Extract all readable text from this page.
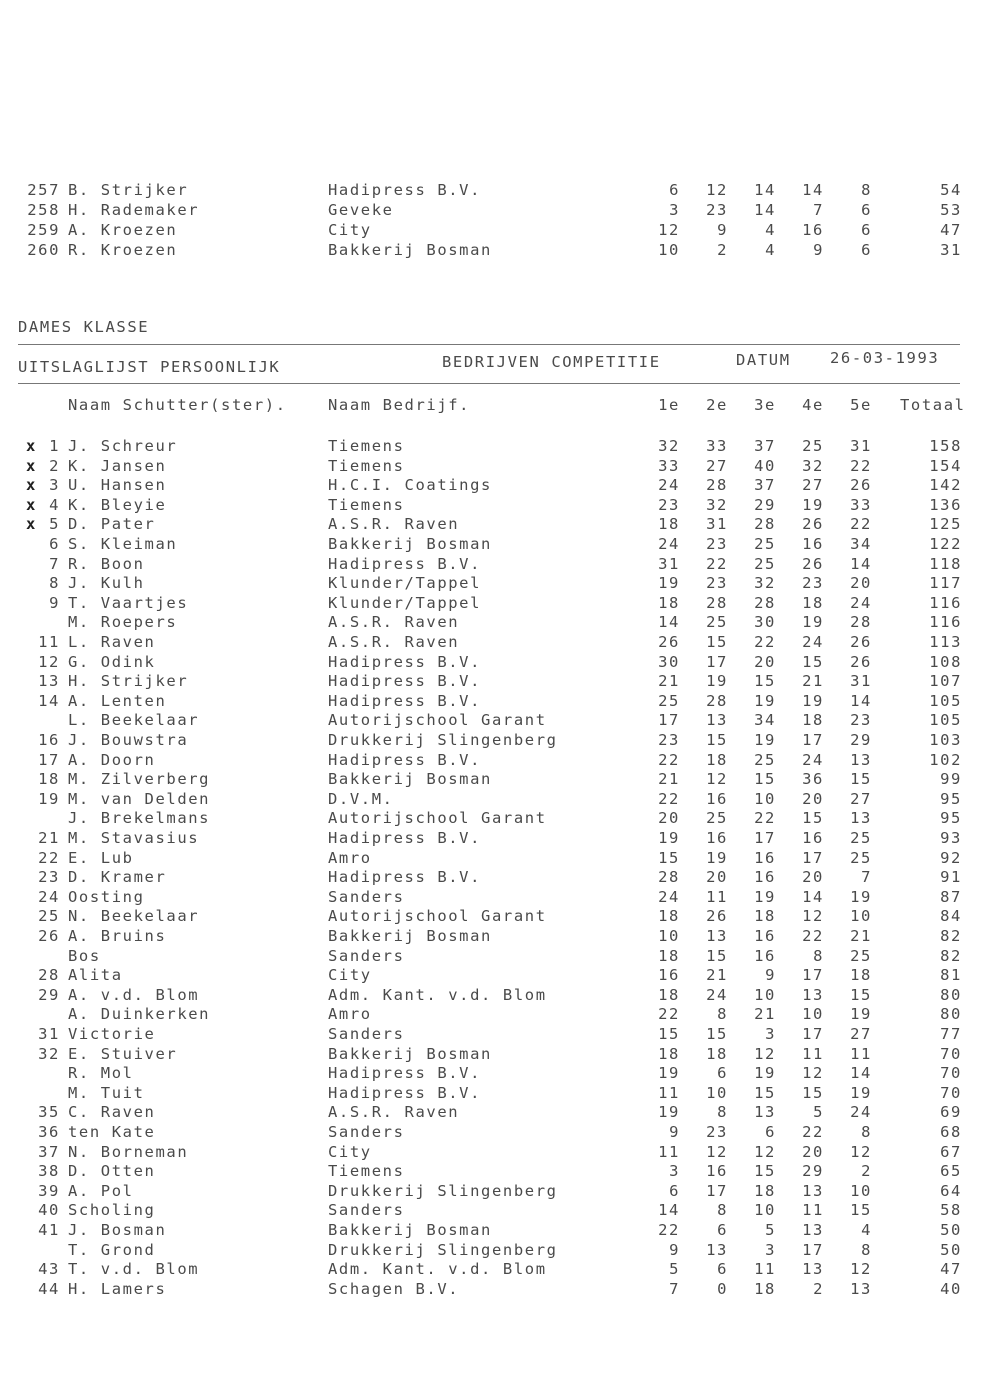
257 B. Strijker	Hadipress B.V.	6	12	14	14	8	54
258 H. Rademaker	Geveke	3	23	14	7	6	53
259 A. Kroezen	City	12	9	4	16	6	47
260 R. Kroezen	Bakkerij Bosman	10	2	4	9	6	31
DAMES KLASSE
UITSLAGLIJST PERSOONLIJK	BEDRIJVEN COMPETITIE	DATUM	26-03-1993
Naam Schutter(ster).	Naam Bedrijf.	1e	2e	3e	4e	5e Totaal
x 1 J. Schreur	Tiemens	32	33	37	25	31	158
x 2 K. Jansen	Tiemens	33	27	40	32	22	154
x 3 U. Hansen	H.C.I. Coatings	24	28	37	27	26	142
x 4 K. Bleyie	Tiemens	23	32	29	19	33	136
x 5 D. Pater	A.S.R. Raven	18	31	28	26	22	125
6 S. Kleiman	Bakkerij Bosman	24	23	25	16	34	122
7 R. Boon	Hadipress B.V.	31	22	25	26	14	118
8 J. Kulh	Klunder/Tappel	19	23	32	23	20	117
9 T. Vaartjes	Klunder/Tappel	18	28	28	18	24	116
M. Roepers	A.S.R. Raven	14	25	30	19	28	116
11 L. Raven	A.S.R. Raven	26	15	22	24	26	113
12 G. Odink	Hadipress B.V.	30	17	20	15	26	108
13 H. Strijker	Hadipress B.V.	21	19	15	21	31	107
14 A. Lenten	Hadipress B.V.	25	28	19	19	14	105
L. Beekelaar	Autorijschool Garant	17	13	34	18	23	105
16 J. Bouwstra	Drukkerij Slingenberg	23	15	19	17	29	103
17 A. Doorn	Hadipress B.V.	22	18	25	24	13	102
18 M. Zilverberg	Bakkerij Bosman	21	12	15	36	15	99
19 M. van Delden	D.V.M.	22	16	10	20	27	95
J. Brekelmans	Autorijschool Garant	20	25	22	15	13	95
21 M. Stavasius	Hadipress B.V.	19	16	17	16	25	93
22 E. Lub	Amro	15	19	16	17	25	92
23 D. Kramer	Hadipress B.V.	28	20	16	20	7	91
24 Oosting	Sanders	24	11	19	14	19	87
25 N. Beekelaar	Autorijschool Garant	18	26	18	12	10	84
26 A. Bruins	Bakkerij Bosman	10	13	16	22	21	82
Bos	Sanders	18	15	16	8	25	82
28 Alita	City	16	21	9	17	18	81
29 A. v.d. Blom	Adm. Kant. v.d. Blom	18	24	10	13	15	80
A. Duinkerken	Amro	22	8	21	10	19	80
31 Victorie	Sanders	15	15	3	17	27	77
32 E. Stuiver	Bakkerij Bosman	18	18	12	11	11	70
R. Mol	Hadipress B.V.	19	6	19	12	14	70
M. Tuit	Hadipress B.V.	11	10	15	15	19	70
35 C. Raven	A.S.R. Raven	19	8	13	5	24	69
36 ten Kate	Sanders	9	23	6	22	8	68
37 N. Borneman	City	11	12	12	20	12	67
38 D. Otten	Tiemens	3	16	15	29	2	65
39 A. Pol	Drukkerij Slingenberg	6	17	18	13	10	64
40 Scholing	Sanders	14	8	10	11	15	58
41 J. Bosman	Bakkerij Bosman	22	6	5	13	4	50
T. Grond	Drukkerij Slingenberg	9	13	3	17	8	50
43 T. v.d. Blom	Adm. Kant. v.d. Blom	5	6	11	13	12	47
44 H. Lamers	Schagen B.V.	7	0	18	2	13	40
